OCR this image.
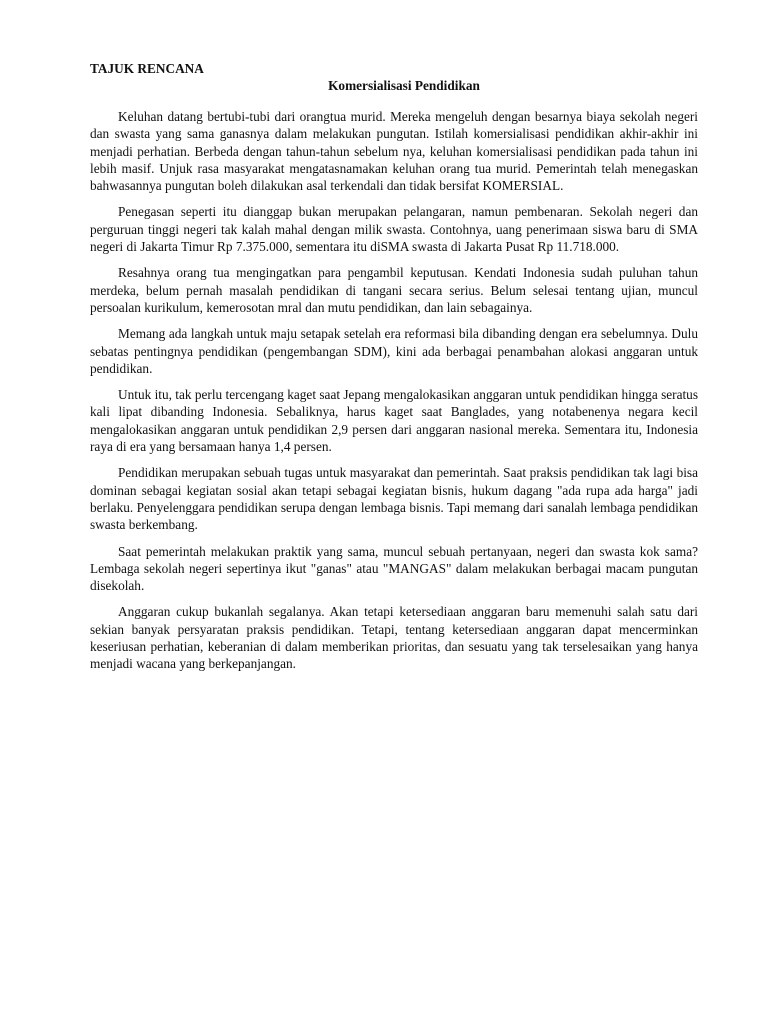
TAJUK RENCANA

Komersialisasi Pendidikan

Keluhan datang bertubi-tubi dari orangtua murid. Mereka mengeluh dengan besarnya biaya sekolah negeri dan swasta yang sama ganasnya dalam melakukan pungutan. Istilah komersialisasi pendidikan akhir-akhir ini menjadi perhatian. Berbeda dengan tahun-tahun sebelum nya, keluhan komersialisasi pendidikan pada tahun ini lebih masif. Unjuk rasa masyarakat mengatasnamakan keluhan orang tua murid. Pemerintah telah menegaskan bahwasannya pungutan boleh dilakukan asal terkendali dan tidak bersifat KOMERSIAL.

Penegasan seperti itu dianggap bukan merupakan pelangaran, namun pembenaran. Sekolah negeri dan perguruan tinggi negeri tak kalah mahal dengan milik swasta. Contohnya, uang penerimaan siswa baru di SMA negeri di Jakarta Timur Rp 7.375.000, sementara itu diSMA swasta di Jakarta Pusat Rp 11.718.000.

Resahnya orang tua mengingatkan para pengambil keputusan. Kendati Indonesia sudah puluhan tahun merdeka, belum pernah masalah pendidikan di tangani secara serius. Belum selesai tentang ujian, muncul persoalan kurikulum, kemerosotan mral dan mutu pendidikan, dan lain sebagainya.

Memang ada langkah untuk maju setapak setelah era reformasi bila dibanding dengan era sebelumnya. Dulu sebatas pentingnya pendidikan (pengembangan SDM), kini ada berbagai penambahan alokasi anggaran untuk pendidikan.

Untuk itu, tak perlu tercengang kaget saat Jepang mengalokasikan anggaran untuk pendidikan hingga seratus kali lipat dibanding Indonesia. Sebaliknya, harus kaget saat Banglades, yang notabenenya negara kecil mengalokasikan anggaran untuk pendidikan 2,9 persen dari anggaran nasional mereka. Sementara itu, Indonesia raya di era yang bersamaan hanya 1,4 persen.

Pendidikan merupakan sebuah tugas untuk masyarakat dan pemerintah. Saat praksis pendidikan tak lagi bisa dominan sebagai kegiatan sosial akan tetapi sebagai kegiatan bisnis, hukum dagang "ada rupa ada harga" jadi berlaku. Penyelenggara pendidikan serupa dengan lembaga bisnis. Tapi memang dari sanalah lembaga pendidikan swasta berkembang.

Saat pemerintah melakukan praktik yang sama, muncul sebuah pertanyaan, negeri dan swasta kok sama? Lembaga sekolah negeri sepertinya ikut "ganas" atau "MANGAS" dalam melakukan berbagai macam pungutan disekolah.

Anggaran cukup bukanlah segalanya. Akan tetapi ketersediaan anggaran baru memenuhi salah satu dari sekian banyak persyaratan praksis pendidikan. Tetapi, tentang ketersediaan anggaran dapat mencerminkan keseriusan perhatian, keberanian di dalam memberikan prioritas, dan sesuatu yang tak terselesaikan yang hanya menjadi wacana yang berkepanjangan.
